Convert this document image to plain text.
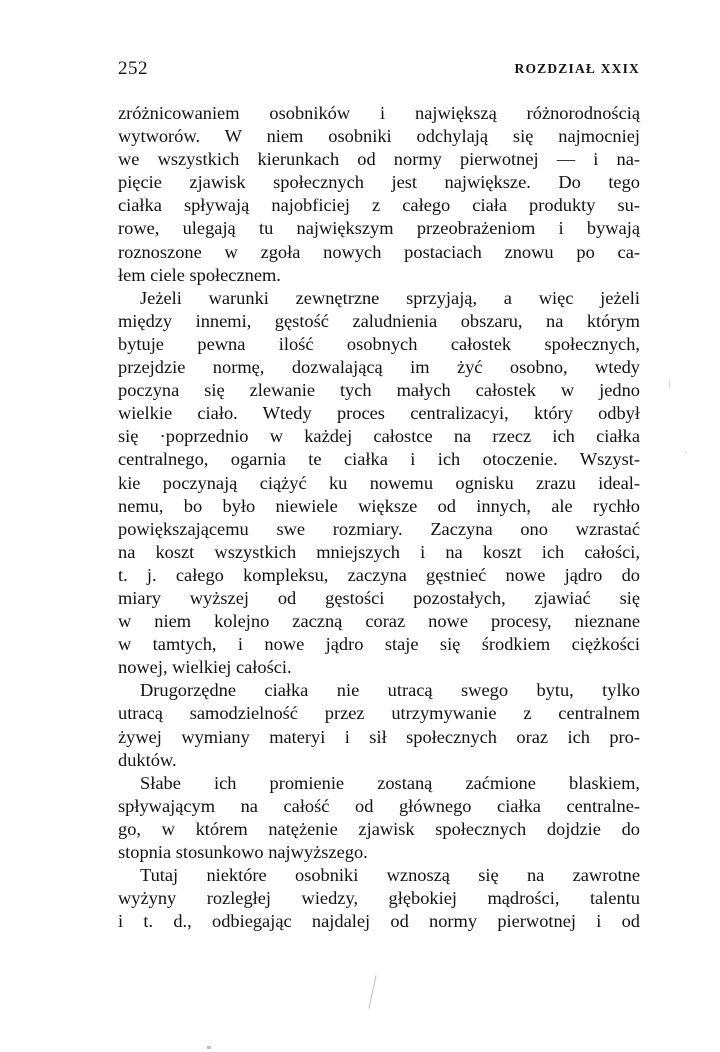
252	ROZDZIAŁ XXIX
zróżnicowaniem osobników i największą różnorodnością
wytworów. W niem osobniki odchylają się najmocniej
we wszystkich kierunkach od normy pierwotnej — i na-
pięcie zjawisk społecznych jest największe. Do tego
ciałka spływają najobficiej z całego ciała produkty su-
rowe, ulegają tu największym przeobrażeniom i bywają
roznoszone w zgoła nowych postaciach znowu po ca-
łem ciele społecznem.
Jeżeli warunki zewnętrzne sprzyjają, a więc jeżeli
między innemi, gęstość zaludnienia obszaru, na którym
bytuje pewna ilość osobnych całostek społecznych,
przejdzie normę, dozwalającą im żyć osobno, wtedy
poczyna się zlewanie tych małych całostek w jedno
wielkie ciało. Wtedy proces centralizacyi, który odbył
się ·poprzednio w każdej całostce na rzecz ich ciałka
centralnego, ogarnia te ciałka i ich otoczenie. Wszyst-
kie poczynają ciążyć ku nowemu ognisku zrazu ideal-
nemu, bo było niewiele większe od innych, ale rychło
powiększającemu swe rozmiary. Zaczyna ono wzrastać
na koszt wszystkich mniejszych i na koszt ich całości,
t. j. całego kompleksu, zaczyna gęstnieć nowe jądro do
miary wyższej od gęstości pozostałych, zjawiać się
w niem kolejno zaczną coraz nowe procesy, nieznane
w tamtych, i nowe jądro staje się środkiem ciężkości
nowej, wielkiej całości.
Drugorzędne ciałka nie utracą swego bytu, tylko
utracą samodzielność przez utrzymywanie z centralnem
żywej wymiany materyi i sił społecznych oraz ich pro-
duktów.
Słabe ich promienie zostaną zaćmione blaskiem,
spływającym na całość od głównego ciałka centralne-
go, w którem natężenie zjawisk społecznych dojdzie do
stopnia stosunkowo najwyższego.
Tutaj niektóre osobniki wznoszą się na zawrotne
wyżyny rozległej wiedzy, głębokiej mądrości, talentu
i t. d., odbiegając najdalej od normy pierwotnej i od
⁝
·
